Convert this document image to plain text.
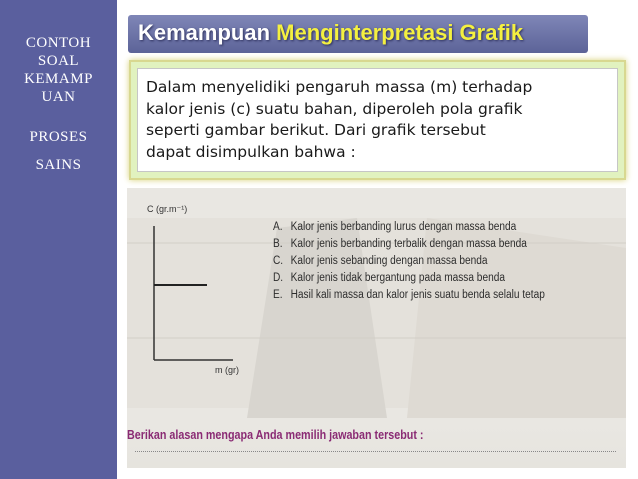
CONTOH
SOAL
KEMAMP
UAN
PROSES
SAINS
Kemampuan Menginterpretasi Grafik
Dalam menyelidiki pengaruh massa (m) terhadap
kalor jenis (c) suatu bahan, diperoleh pola grafik
seperti gambar berikut. Dari grafik tersebut
dapat disimpulkan bahwa :
C (gr.m⁻¹)
m (gr)
A. Kalor jenis berbanding lurus dengan massa benda
B. Kalor jenis berbanding terbalik dengan massa benda
C. Kalor jenis sebanding dengan massa benda
D. Kalor jenis tidak bergantung pada massa benda
E. Hasil kali massa dan kalor jenis suatu benda selalu tetap
Berikan alasan mengapa Anda memilih jawaban tersebut :
